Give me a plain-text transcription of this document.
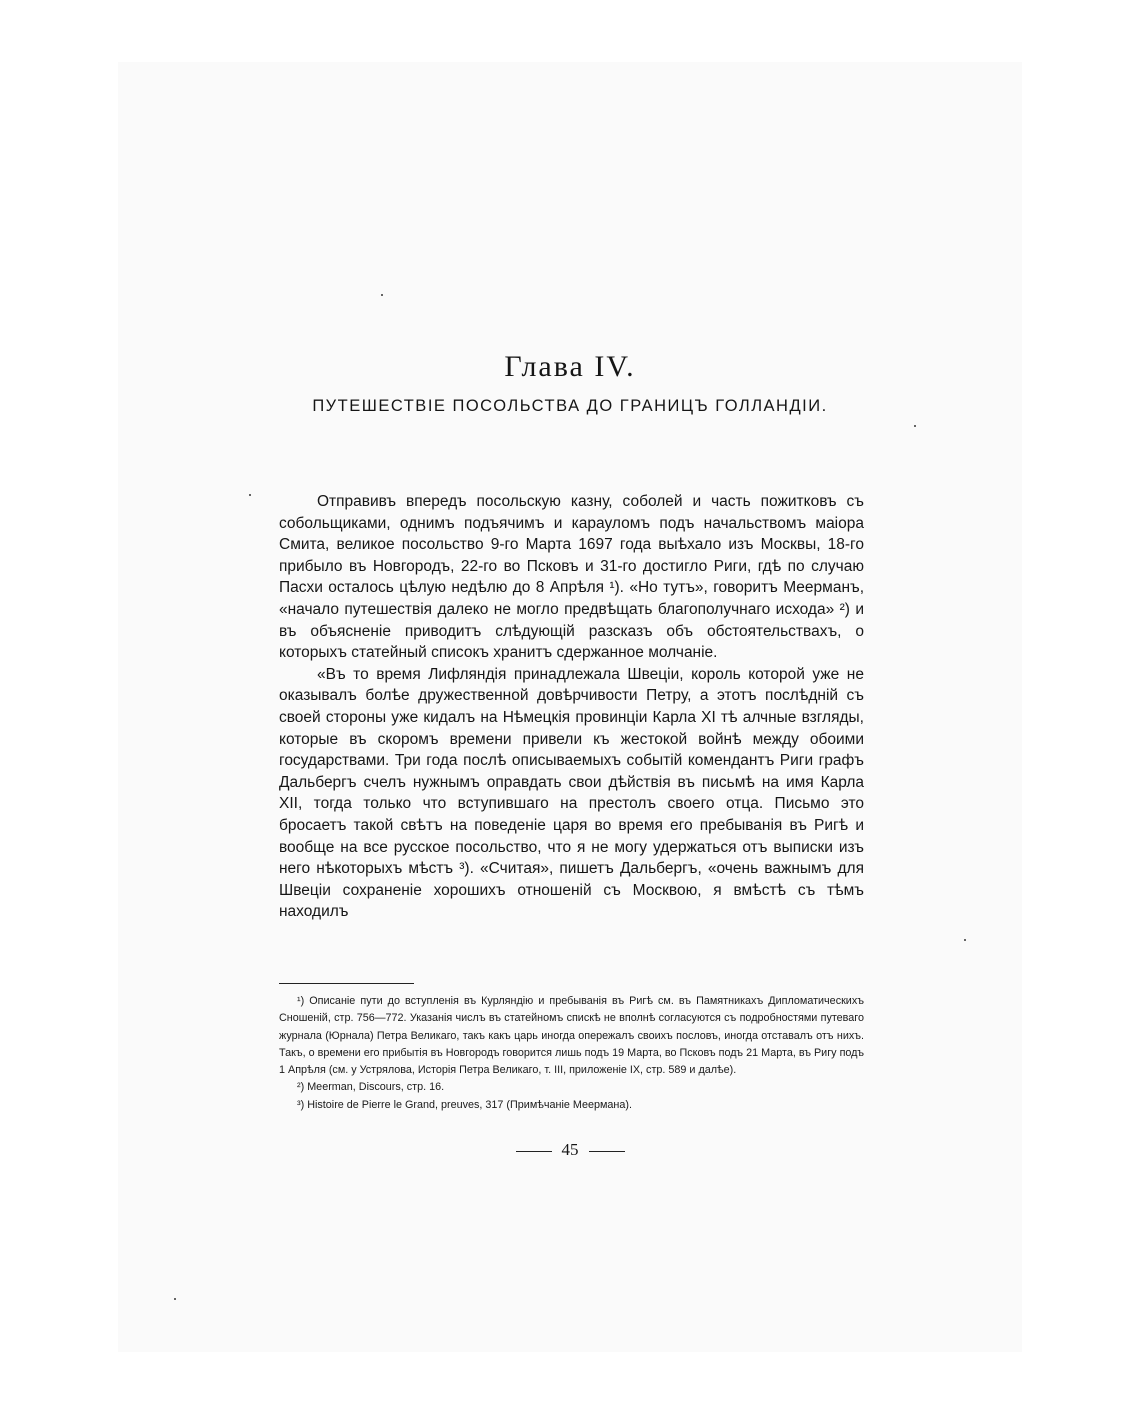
Глава IV.
ПУТЕШЕСТВІЕ ПОСОЛЬСТВА ДО ГРАНИЦЪ ГОЛЛАНДІИ.

Отправивъ впередъ посольскую казну, соболей и часть пожитковъ съ собольщиками, однимъ подъячимъ и карауломъ подъ начальствомъ маіора Смита, великое посольство 9-го Марта 1697 года выѣхало изъ Москвы, 18-го прибыло въ Новгородъ, 22-го во Псковъ и 31-го достигло Риги, гдѣ по случаю Пасхи осталось цѣлую недѣлю до 8 Апрѣля ¹). «Но тутъ», говоритъ Меерманъ, «начало путешествія далеко не могло предвѣщать благополучнаго исхода» ²) и въ объясненіе приводитъ слѣдующій разсказъ объ обстоятельствахъ, о которыхъ статейный списокъ хранитъ сдержанное молчаніе.

«Въ то время Лифляндія принадлежала Швеціи, король которой уже не оказывалъ болѣе дружественной довѣрчивости Петру, а этотъ послѣдній съ своей стороны уже кидалъ на Нѣмецкія провинціи Карла XI тѣ алчные взгляды, которые въ скоромъ времени привели къ жестокой войнѣ между обоими государствами. Три года послѣ описываемыхъ событій комендантъ Риги графъ Дальбергъ счелъ нужнымъ оправдать свои дѣйствія въ письмѣ на имя Карла XII, тогда только что вступившаго на престолъ своего отца. Письмо это бросаетъ такой свѣтъ на поведеніе царя во время его пребыванія въ Ригѣ и вообще на все русское посольство, что я не могу удержаться отъ выписки изъ него нѣкоторыхъ мѣстъ ³). «Считая», пишетъ Дальбергъ, «очень важнымъ для Швеціи сохраненіе хорошихъ отношеній съ Москвою, я вмѣстѣ съ тѣмъ находилъ

¹) Описаніе пути до вступленія въ Курляндію и пребыванія въ Ригѣ см. въ Памятникахъ Дипломатическихъ Сношеній, стр. 756—772. Указанія числъ въ статейномъ спискѣ не вполнѣ согласуются съ подробностями путеваго журнала (Юрнала) Петра Великаго, такъ какъ царь иногда опережалъ своихъ пословъ, иногда отставалъ отъ нихъ. Такъ, о времени его прибытія въ Новгородъ говорится лишь подъ 19 Марта, во Псковъ подъ 21 Марта, въ Ригу подъ 1 Апрѣля (см. у Устрялова, Исторія Петра Великаго, т. III, приложеніе IX, стр. 589 и далѣе).

²) Meerman, Discours, стр. 16.

³) Histoire de Pierre le Grand, preuves, 317 (Примѣчаніе Меермана).

45
